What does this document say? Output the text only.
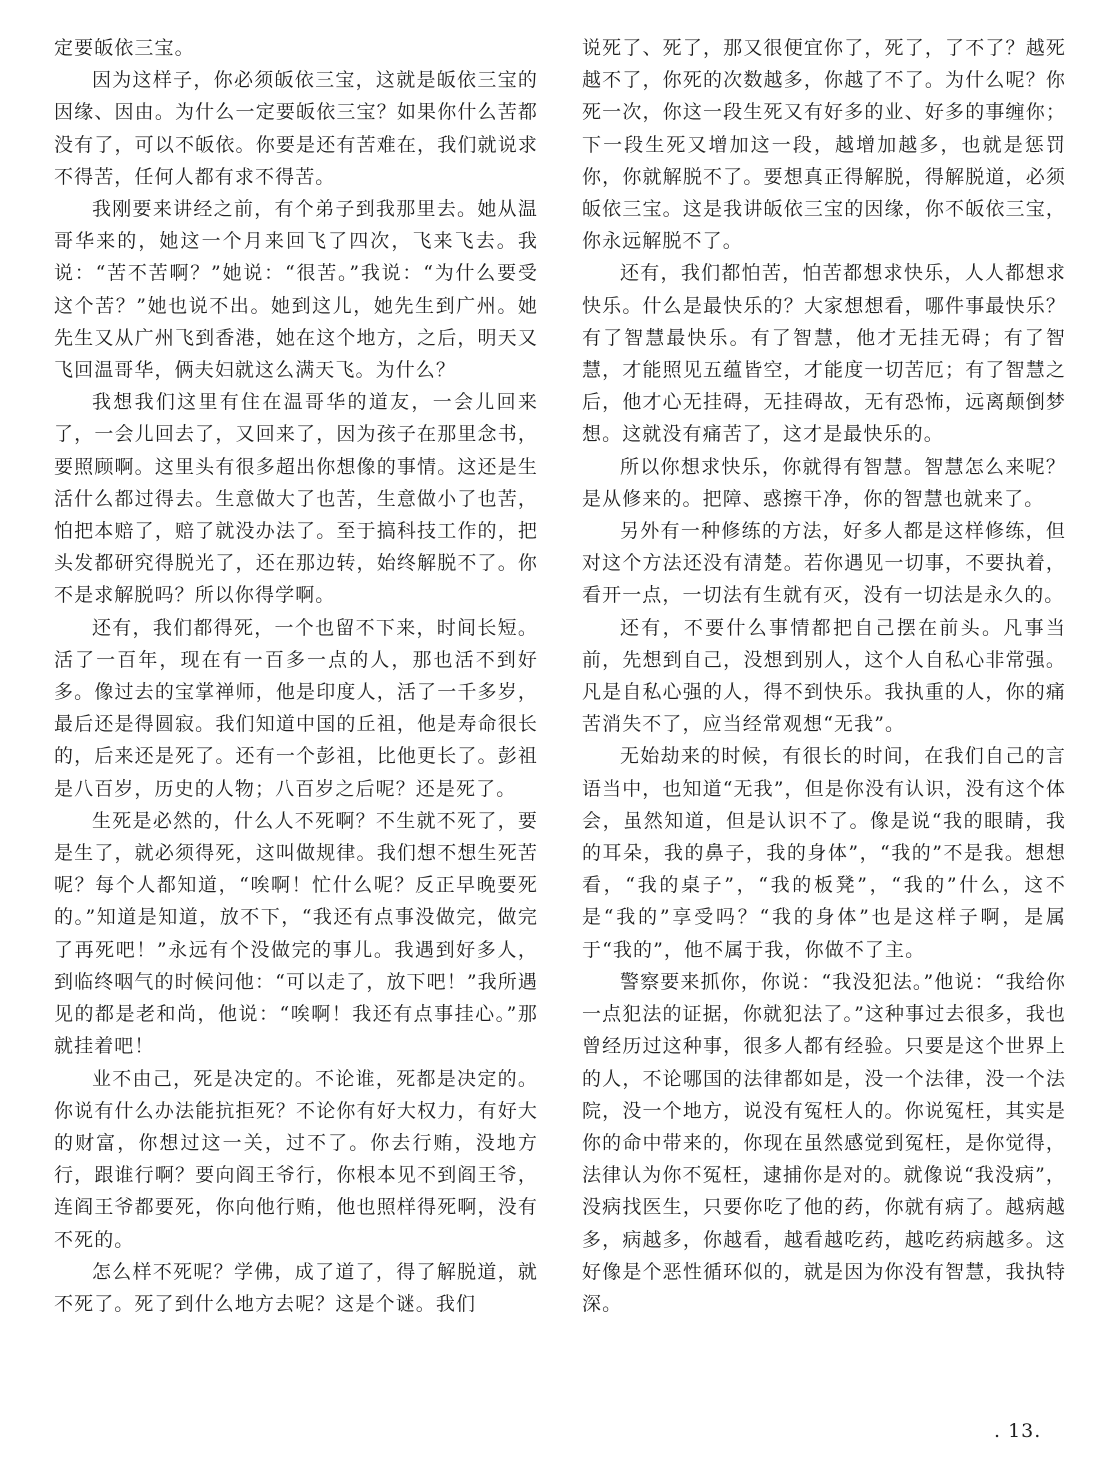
定要皈依三宝。

因为这样子，你必须皈依三宝，这就是皈依三宝的因缘、因由。为什么一定要皈依三宝？如果你什么苦都没有了，可以不皈依。你要是还有苦难在，我们就说求不得苦，任何人都有求不得苦。

我刚要来讲经之前，有个弟子到我那里去。她从温哥华来的，她这一个月来回飞了四次，飞来飞去。我说：“苦不苦啊？”她说：“很苦。”我说：“为什么要受这个苦？”她也说不出。她到这儿，她先生到广州。她先生又从广州飞到香港，她在这个地方，之后，明天又飞回温哥华，俩夫妇就这么满天飞。为什么？

我想我们这里有住在温哥华的道友，一会儿回来了，一会儿回去了，又回来了，因为孩子在那里念书，要照顾啊。这里头有很多超出你想像的事情。这还是生活什么都过得去。生意做大了也苦，生意做小了也苦，怕把本赔了，赔了就没办法了。至于搞科技工作的，把头发都研究得脱光了，还在那边转，始终解脱不了。你不是求解脱吗？所以你得学啊。

还有，我们都得死，一个也留不下来，时间长短。活了一百年，现在有一百多一点的人，那也活不到好多。像过去的宝掌禅师，他是印度人，活了一千多岁，最后还是得圆寂。我们知道中国的丘祖，他是寿命很长的，后来还是死了。还有一个彭祖，比他更长了。彭祖是八百岁，历史的人物；八百岁之后呢？还是死了。

生死是必然的，什么人不死啊？不生就不死了，要是生了，就必须得死，这叫做规律。我们想不想生死苦呢？每个人都知道，“唉啊！忙什么呢？反正早晚要死的。”知道是知道，放不下，“我还有点事没做完，做完了再死吧！”永远有个没做完的事儿。我遇到好多人，到临终咽气的时候问他：“可以走了，放下吧！”我所遇见的都是老和尚，他说：“唉啊！我还有点事挂心。”那就挂着吧！

业不由己，死是决定的。不论谁，死都是决定的。你说有什么办法能抗拒死？不论你有好大权力，有好大的财富，你想过这一关，过不了。你去行贿，没地方行，跟谁行啊？要向阎王爷行，你根本见不到阎王爷，连阎王爷都要死，你向他行贿，他也照样得死啊，没有不死的。

怎么样不死呢？学佛，成了道了，得了解脱道，就不死了。死了到什么地方去呢？这是个谜。我们

说死了、死了，那又很便宜你了，死了，了不了？越死越不了，你死的次数越多，你越了不了。为什么呢？你死一次，你这一段生死又有好多的业、好多的事缠你；下一段生死又增加这一段，越增加越多，也就是惩罚你，你就解脱不了。要想真正得解脱，得解脱道，必须皈依三宝。这是我讲皈依三宝的因缘，你不皈依三宝，你永远解脱不了。

还有，我们都怕苦，怕苦都想求快乐，人人都想求快乐。什么是最快乐的？大家想想看，哪件事最快乐？有了智慧最快乐。有了智慧，他才无挂无碍；有了智慧，才能照见五蕴皆空，才能度一切苦厄；有了智慧之后，他才心无挂碍，无挂碍故，无有恐怖，远离颠倒梦想。这就没有痛苦了，这才是最快乐的。

所以你想求快乐，你就得有智慧。智慧怎么来呢？是从修来的。把障、惑擦干净，你的智慧也就来了。

另外有一种修练的方法，好多人都是这样修练，但对这个方法还没有清楚。若你遇见一切事，不要执着，看开一点，一切法有生就有灭，没有一切法是永久的。

还有，不要什么事情都把自己摆在前头。凡事当前，先想到自己，没想到别人，这个人自私心非常强。凡是自私心强的人，得不到快乐。我执重的人，你的痛苦消失不了，应当经常观想“无我”。

无始劫来的时候，有很长的时间，在我们自己的言语当中，也知道“无我”，但是你没有认识，没有这个体会，虽然知道，但是认识不了。像是说“我的眼睛，我的耳朵，我的鼻子，我的身体”，“我的”不是我。想想看，“我的桌子”，“我的板凳”，“我的”什么，这不是“我的”享受吗？“我的身体”也是这样子啊，是属于“我的”，他不属于我，你做不了主。

警察要来抓你，你说：“我没犯法。”他说：“我给你一点犯法的证据，你就犯法了。”这种事过去很多，我也曾经历过这种事，很多人都有经验。只要是这个世界上的人，不论哪国的法律都如是，没一个法律，没一个法院，没一个地方，说没有冤枉人的。你说冤枉，其实是你的命中带来的，你现在虽然感觉到冤枉，是你觉得，法律认为你不冤枉，逮捕你是对的。就像说“我没病”，没病找医生，只要你吃了他的药，你就有病了。越病越多，病越多，你越看，越看越吃药，越吃药病越多。这好像是个恶性循环似的，就是因为你没有智慧，我执特深。

. 13.
